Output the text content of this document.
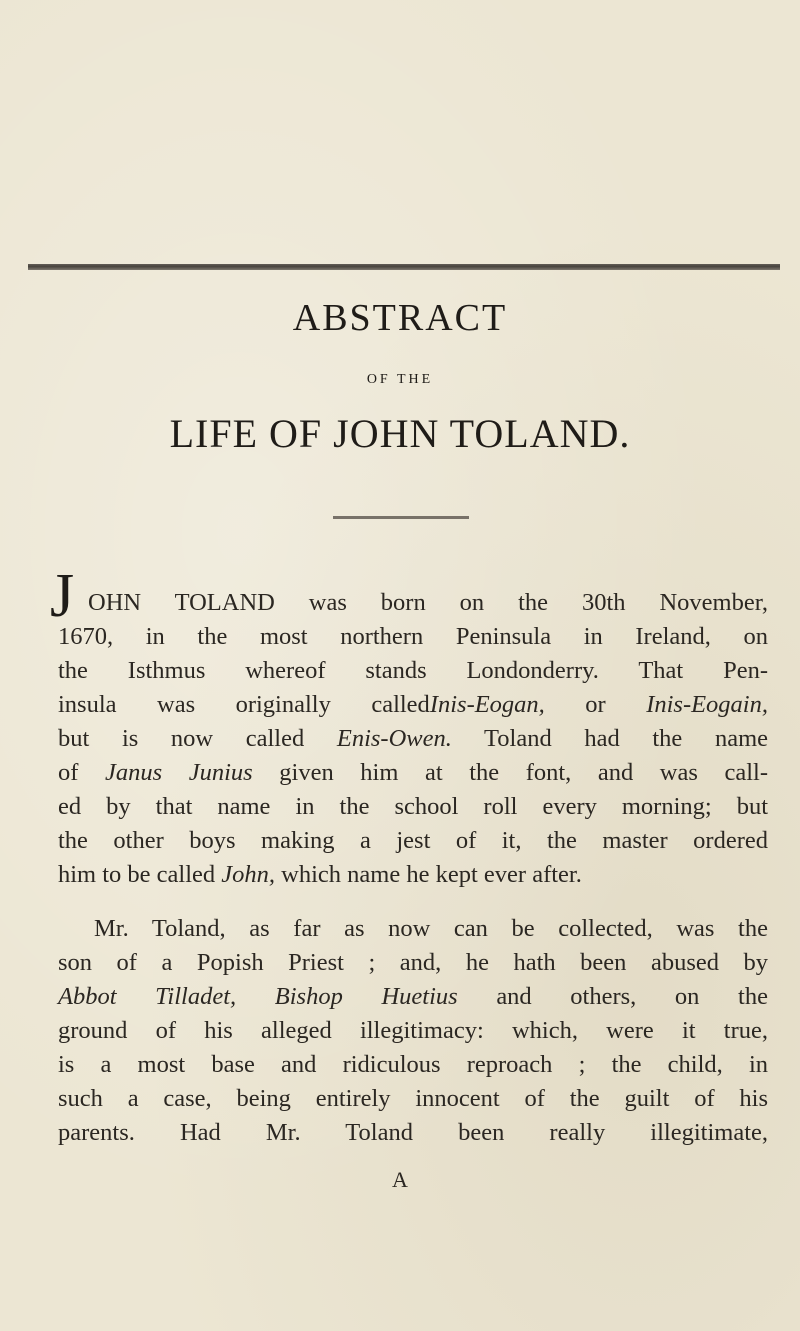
ABSTRACT
OF THE
LIFE OF JOHN TOLAND.
J OHN TOLAND was born on the 30th November,
1670, in the most northern Peninsula in Ireland, on
the Isthmus whereof stands Londonderry. That Pen-
insula was originally calledInis-Eogan, or Inis-Eogain,
but is now called Enis-Owen. Toland had the name
of Janus Junius given him at the font, and was call-
ed by that name in the school roll every morning; but
the other boys making a jest of it, the master ordered
him to be called John, which name he kept ever after.
Mr. Toland, as far as now can be collected, was the
son of a Popish Priest ; and, he hath been abused by
Abbot Tilladet, Bishop Huetius and others, on the
ground of his alleged illegitimacy: which, were it true,
is a most base and ridiculous reproach ; the child, in
such a case, being entirely innocent of the guilt of his
parents. Had Mr. Toland been really illegitimate,
A
